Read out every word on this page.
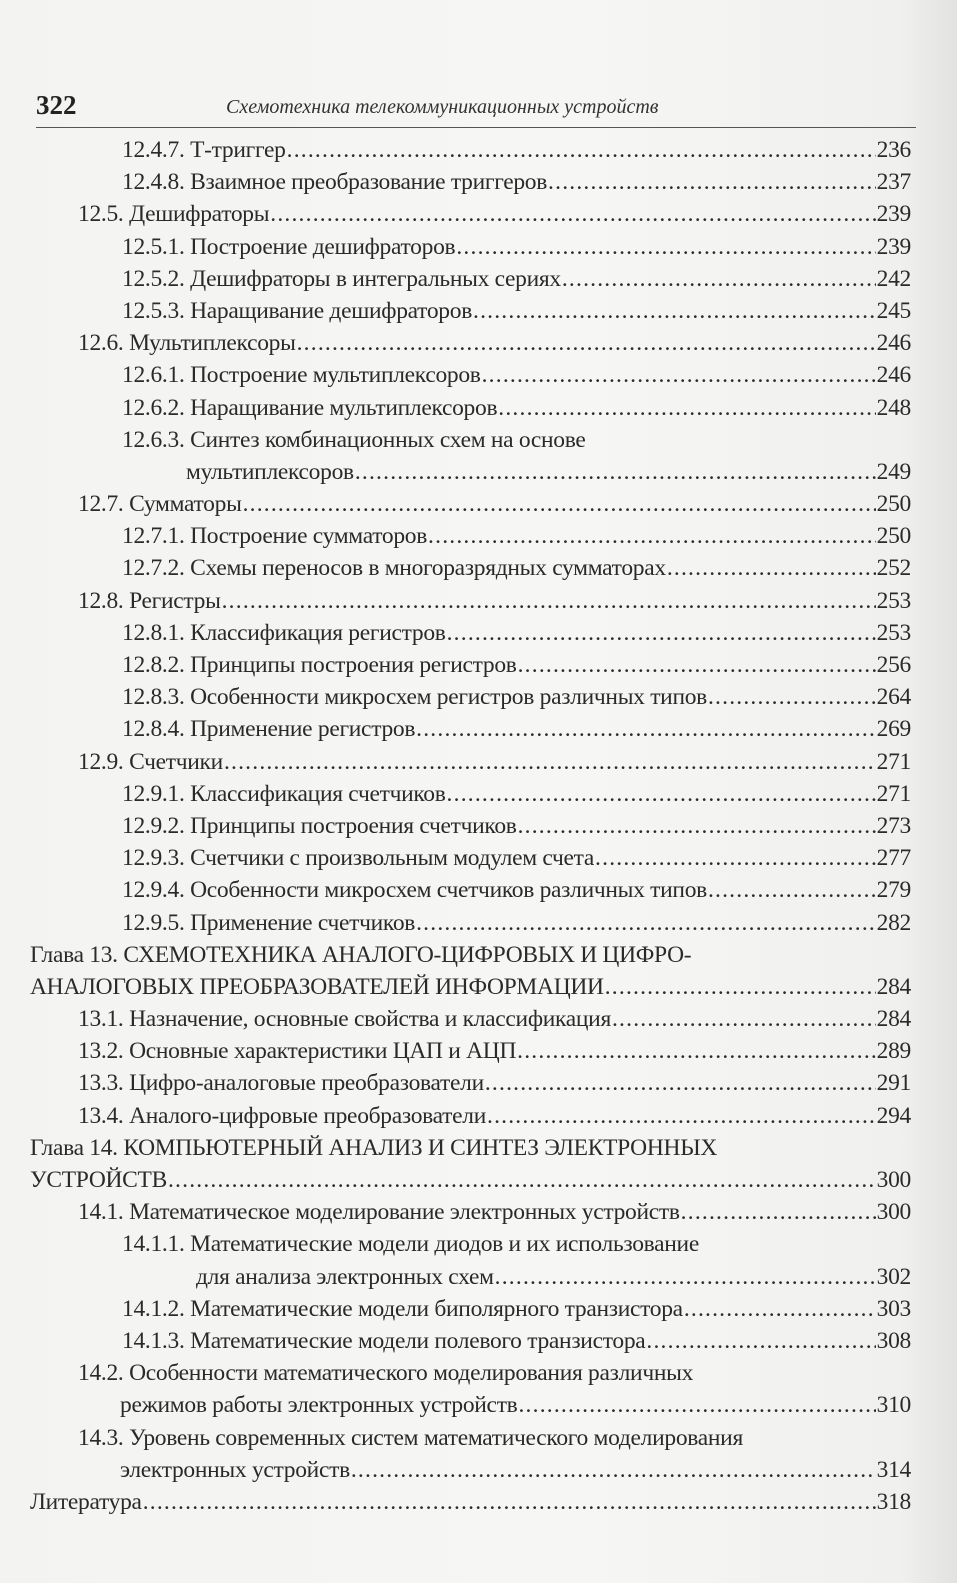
322	Схемотехника телекоммуникационных устройств
12.4.7. Т-триггер .....	236
12.4.8. Взаимное преобразование триггеров .....	237
12.5. Дешифраторы .....	239
12.5.1. Построение дешифраторов .....	239
12.5.2. Дешифраторы в интегральных сериях .....	242
12.5.3. Наращивание дешифраторов .....	245
12.6. Мультиплексоры .....	246
12.6.1. Построение мультиплексоров .....	246
12.6.2. Наращивание мультиплексоров .....	248
12.6.3. Синтез комбинационных схем на основе
мультиплексоров .....	249
12.7. Сумматоры .....	250
12.7.1. Построение сумматоров .....	250
12.7.2. Схемы переносов в многоразрядных сумматорах .....	252
12.8. Регистры .....	253
12.8.1. Классификация регистров .....	253
12.8.2. Принципы построения регистров .....	256
12.8.3. Особенности микросхем регистров различных типов .....	264
12.8.4. Применение регистров .....	269
12.9. Счетчики .....	271
12.9.1. Классификация счетчиков .....	271
12.9.2. Принципы построения счетчиков .....	273
12.9.3. Счетчики с произвольным модулем счета .....	277
12.9.4. Особенности микросхем счетчиков различных типов .....	279
12.9.5. Применение счетчиков .....	282
Глава 13. СХЕМОТЕХНИКА АНАЛОГО-ЦИФРОВЫХ И ЦИФРО-
АНАЛОГОВЫХ ПРЕОБРАЗОВАТЕЛЕЙ ИНФОРМАЦИИ .....	284
13.1. Назначение, основные свойства и классификация .....	284
13.2. Основные характеристики ЦАП и АЦП .....	289
13.3. Цифро-аналоговые преобразователи .....	291
13.4. Аналого-цифровые преобразователи .....	294
Глава 14. КОМПЬЮТЕРНЫЙ АНАЛИЗ И СИНТЕЗ ЭЛЕКТРОННЫХ
УСТРОЙСТВ .....	300
14.1. Математическое моделирование электронных устройств .....	300
14.1.1. Математические модели диодов и их использование
для анализа электронных схем .....	302
14.1.2. Математические модели биполярного транзистора .....	303
14.1.3. Математические модели полевого транзистора .....	308
14.2. Особенности математического моделирования различных
режимов работы электронных устройств .....	310
14.3. Уровень современных систем математического моделирования
электронных устройств .....	314
Литература .....	318
